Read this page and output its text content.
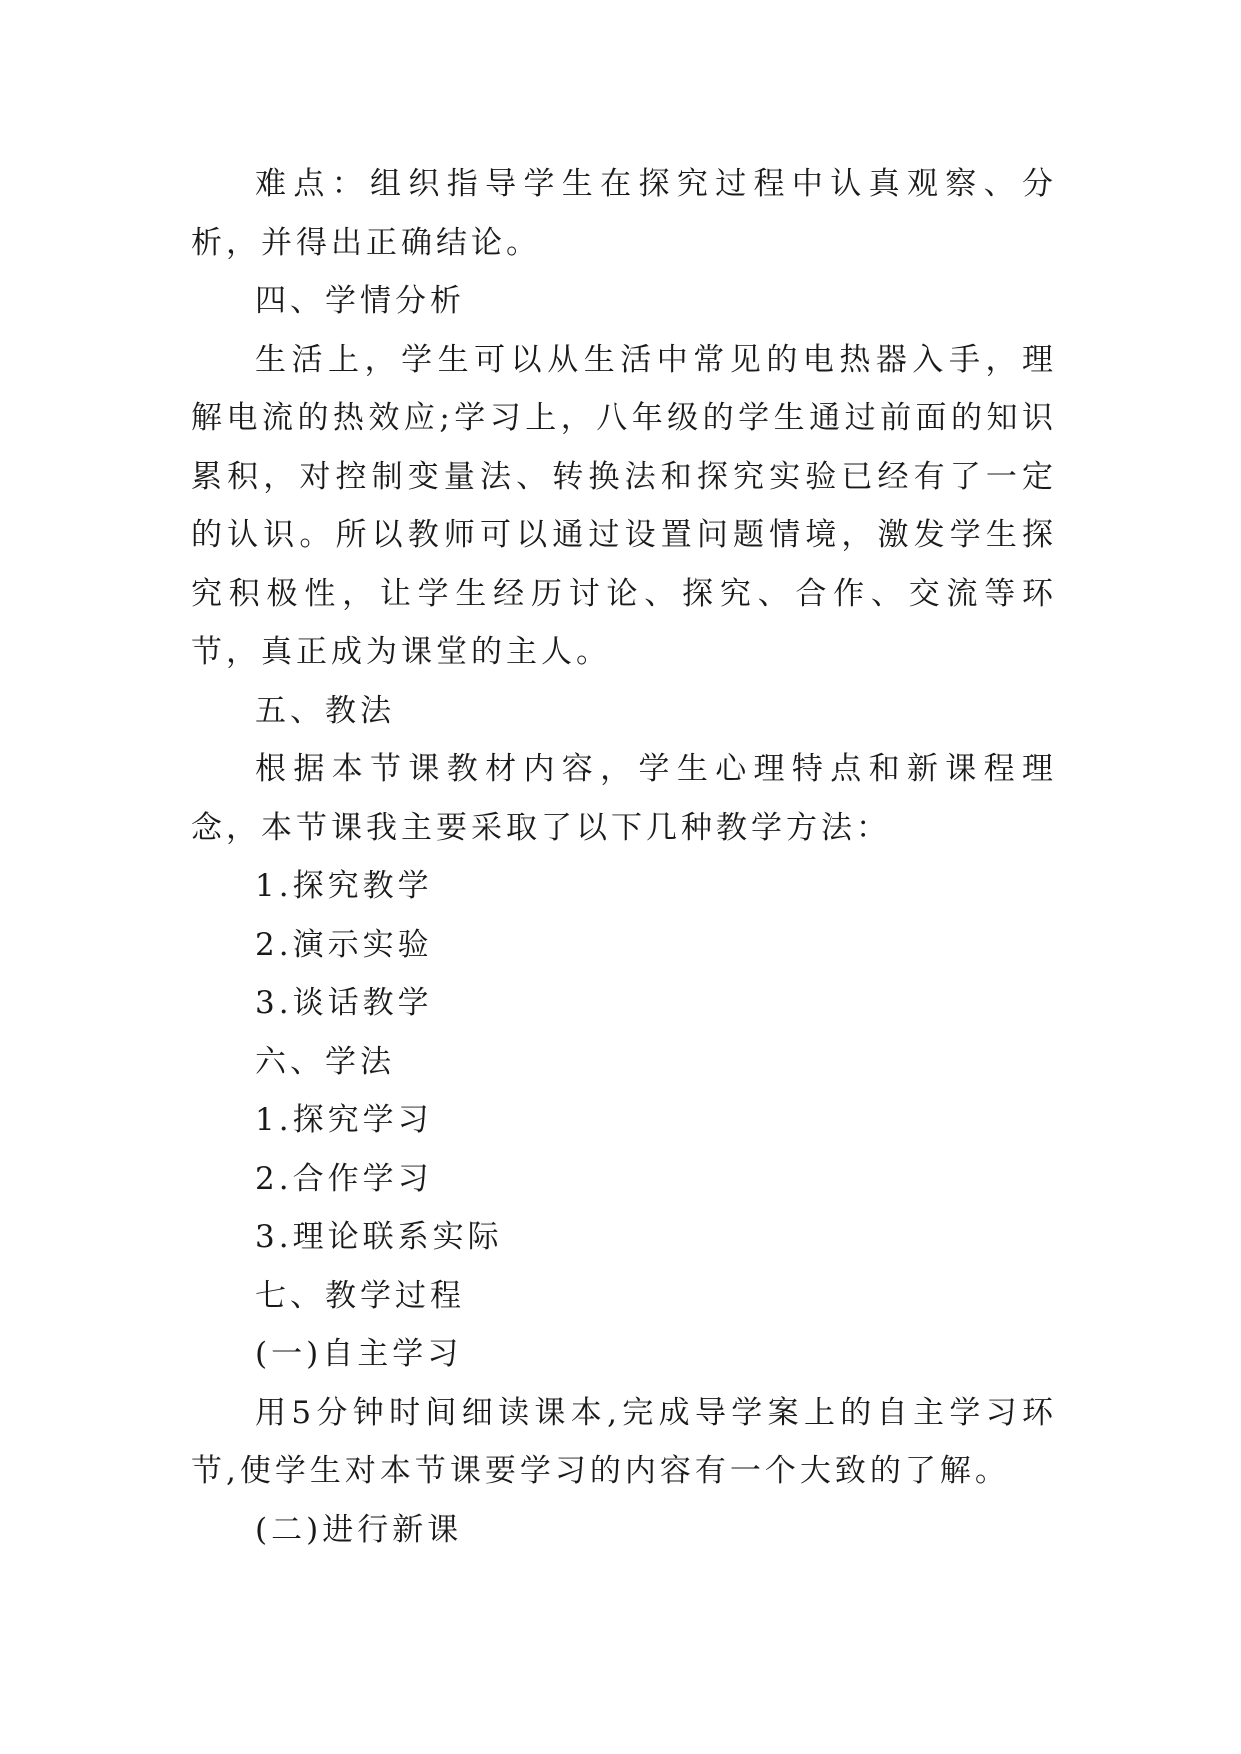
难点：组织指导学生在探究过程中认真观察、分析，并得出正确结论。

四、学情分析

生活上，学生可以从生活中常见的电热器入手，理解电流的热效应;学习上，八年级的学生通过前面的知识累积，对控制变量法、转换法和探究实验已经有了一定的认识。所以教师可以通过设置问题情境，激发学生探究积极性，让学生经历讨论、探究、合作、交流等环节，真正成为课堂的主人。

五、教法

根据本节课教材内容，学生心理特点和新课程理念，本节课我主要采取了以下几种教学方法：

1.探究教学

2.演示实验

3.谈话教学

六、学法

1.探究学习

2.合作学习

3.理论联系实际

七、教学过程

(一)自主学习

用5分钟时间细读课本,完成导学案上的自主学习环节,使学生对本节课要学习的内容有一个大致的了解。

(二)进行新课
